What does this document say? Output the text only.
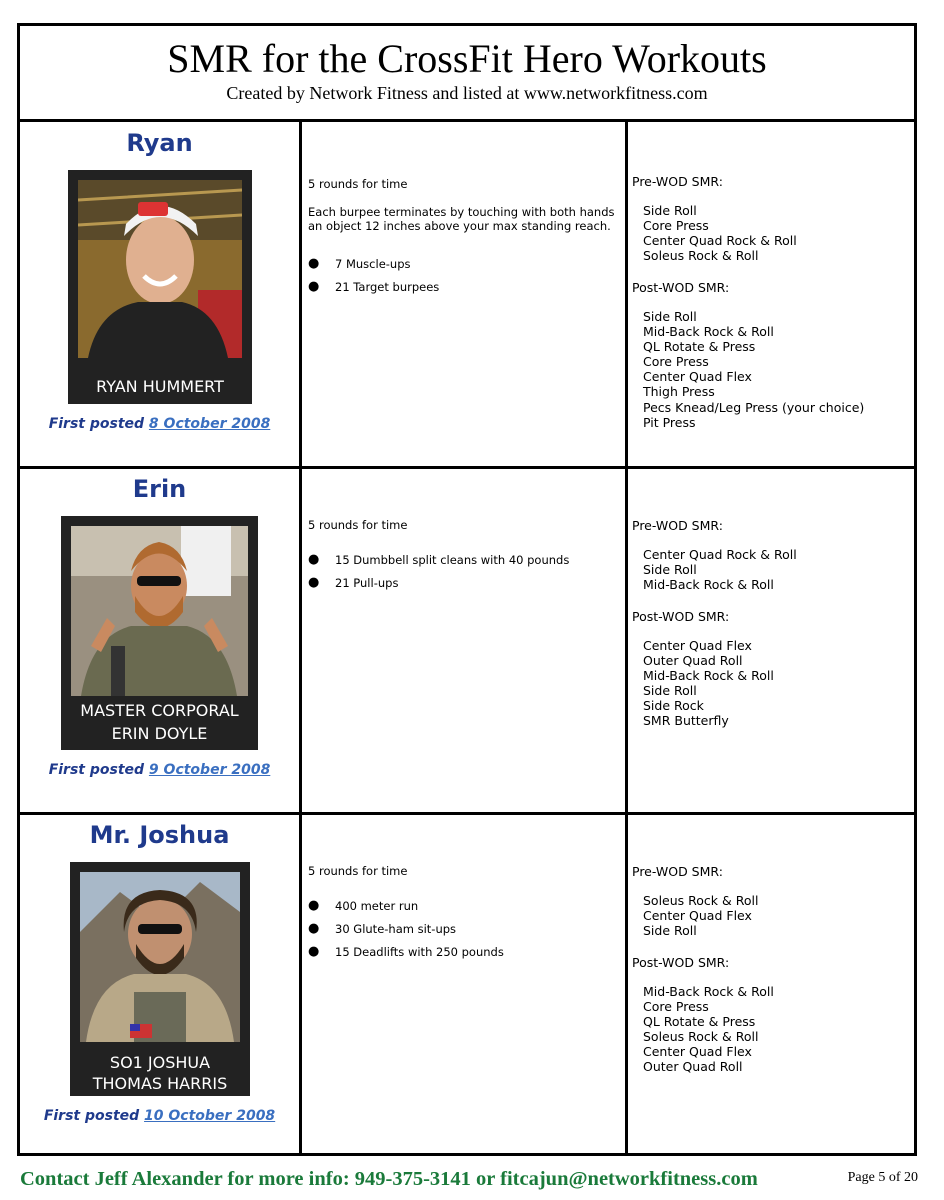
SMR for the CrossFit Hero Workouts
Created by Network Fitness and listed at www.networkfitness.com
Ryan
RYAN HUMMERT
First posted 8 October 2008
5 rounds for time
Each burpee terminates by touching with both hands an object 12 inches above your max standing reach.
● 7 Muscle-ups
● 21 Target burpees
Pre-WOD SMR:
Side Roll
Core Press
Center Quad Rock & Roll
Soleus Rock & Roll
Post-WOD SMR:
Side Roll
Mid-Back Rock & Roll
QL Rotate & Press
Core Press
Center Quad Flex
Thigh Press
Pecs Knead/Leg Press (your choice)
Pit Press
Erin
MASTER CORPORAL
ERIN DOYLE
First posted 9 October 2008
5 rounds for time
● 15 Dumbbell split cleans with 40 pounds
● 21 Pull-ups
Pre-WOD SMR:
Center Quad Rock & Roll
Side Roll
Mid-Back Rock & Roll
Post-WOD SMR:
Center Quad Flex
Outer Quad Roll
Mid-Back Rock & Roll
Side Roll
Side Rock
SMR Butterfly
Mr. Joshua
SO1 JOSHUA
THOMAS HARRIS
First posted 10 October 2008
5 rounds for time
● 400 meter run
● 30 Glute-ham sit-ups
● 15 Deadlifts with 250 pounds
Pre-WOD SMR:
Soleus Rock & Roll
Center Quad Flex
Side Roll
Post-WOD SMR:
Mid-Back Rock & Roll
Core Press
QL Rotate & Press
Soleus Rock & Roll
Center Quad Flex
Outer Quad Roll
Contact Jeff Alexander for more info: 949-375-3141 or fitcajun@networkfitness.com	Page 5 of 20
